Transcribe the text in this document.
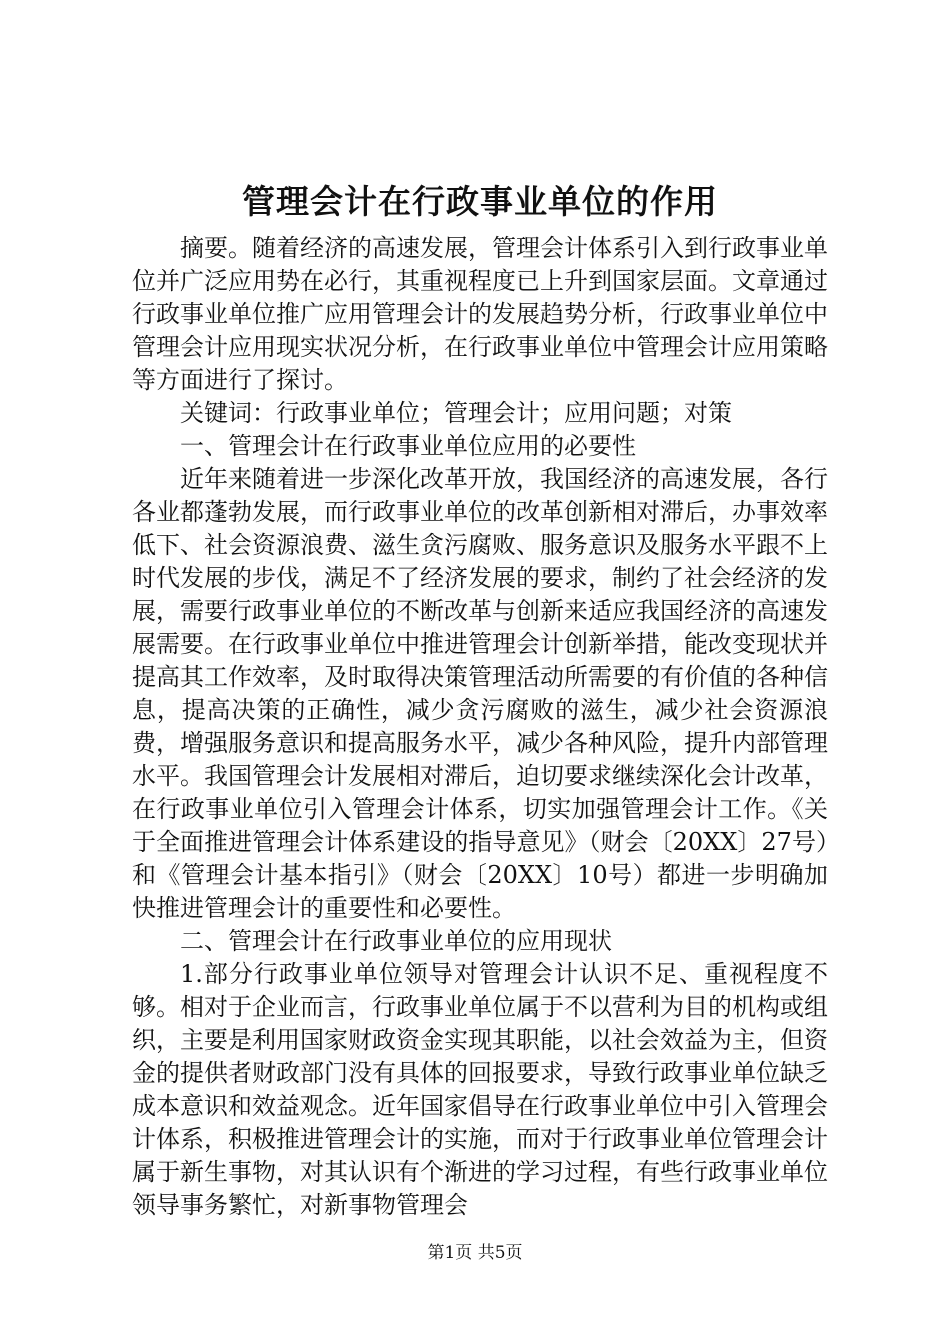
管理会计在行政事业单位的作用

摘要。随着经济的高速发展，管理会计体系引入到行政事业单位并广泛应用势在必行，其重视程度已上升到国家层面。文章通过行政事业单位推广应用管理会计的发展趋势分析，行政事业单位中管理会计应用现实状况分析，在行政事业单位中管理会计应用策略等方面进行了探讨。

关键词：行政事业单位；管理会计；应用问题；对策

一、管理会计在行政事业单位应用的必要性

近年来随着进一步深化改革开放，我国经济的高速发展，各行各业都蓬勃发展，而行政事业单位的改革创新相对滞后，办事效率低下、社会资源浪费、滋生贪污腐败、服务意识及服务水平跟不上时代发展的步伐，满足不了经济发展的要求，制约了社会经济的发展，需要行政事业单位的不断改革与创新来适应我国经济的高速发展需要。在行政事业单位中推进管理会计创新举措，能改变现状并提高其工作效率，及时取得决策管理活动所需要的有价值的各种信息，提高决策的正确性，减少贪污腐败的滋生，减少社会资源浪费，增强服务意识和提高服务水平，减少各种风险，提升内部管理水平。我国管理会计发展相对滞后，迫切要求继续深化会计改革，在行政事业单位引入管理会计体系，切实加强管理会计工作。《关于全面推进管理会计体系建设的指导意见》（财会〔20XX〕27号）和《管理会计基本指引》（财会〔20XX〕10号）都进一步明确加快推进管理会计的重要性和必要性。

二、管理会计在行政事业单位的应用现状

1.部分行政事业单位领导对管理会计认识不足、重视程度不够。相对于企业而言，行政事业单位属于不以营利为目的机构或组织，主要是利用国家财政资金实现其职能，以社会效益为主，但资金的提供者财政部门没有具体的回报要求，导致行政事业单位缺乏成本意识和效益观念。近年国家倡导在行政事业单位中引入管理会计体系，积极推进管理会计的实施，而对于行政事业单位管理会计属于新生事物，对其认识有个渐进的学习过程，有些行政事业单位领导事务繁忙，对新事物管理会

第1页 共5页
